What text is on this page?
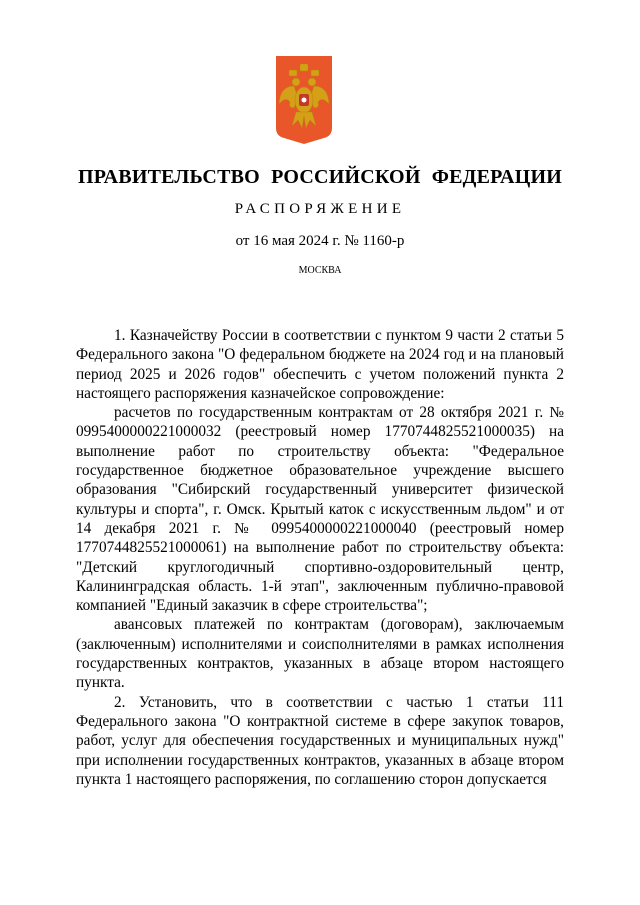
ПРАВИТЕЛЬСТВО РОССИЙСКОЙ ФЕДЕРАЦИИ
РАСПОРЯЖЕНИЕ
от 16 мая 2024 г. № 1160-р
МОСКВА

1. Казначейству России в соответствии с пунктом 9 части 2 статьи 5 Федерального закона "О федеральном бюджете на 2024 год и на плановый период 2025 и 2026 годов" обеспечить с учетом положений пункта 2 настоящего распоряжения казначейское сопровождение:

расчетов по государственным контрактам от 28 октября 2021 г. № 0995400000221000032 (реестровый номер 1770744825521000035) на выполнение работ по строительству объекта: "Федеральное государственное бюджетное образовательное учреждение высшего образования "Сибирский государственный университет физической культуры и спорта", г. Омск. Крытый каток с искусственным льдом" и от 14 декабря 2021 г. № 0995400000221000040 (реестровый номер 1770744825521000061) на выполнение работ по строительству объекта: "Детский круглогодичный спортивно-оздоровительный центр, Калининградская область. 1-й этап", заключенным публично-правовой компанией "Единый заказчик в сфере строительства";

авансовых платежей по контрактам (договорам), заключаемым (заключенным) исполнителями и соисполнителями в рамках исполнения государственных контрактов, указанных в абзаце втором настоящего пункта.

2. Установить, что в соответствии с частью 1 статьи 111 Федерального закона "О контрактной системе в сфере закупок товаров, работ, услуг для обеспечения государственных и муниципальных нужд" при исполнении государственных контрактов, указанных в абзаце втором пункта 1 настоящего распоряжения, по соглашению сторон допускается
